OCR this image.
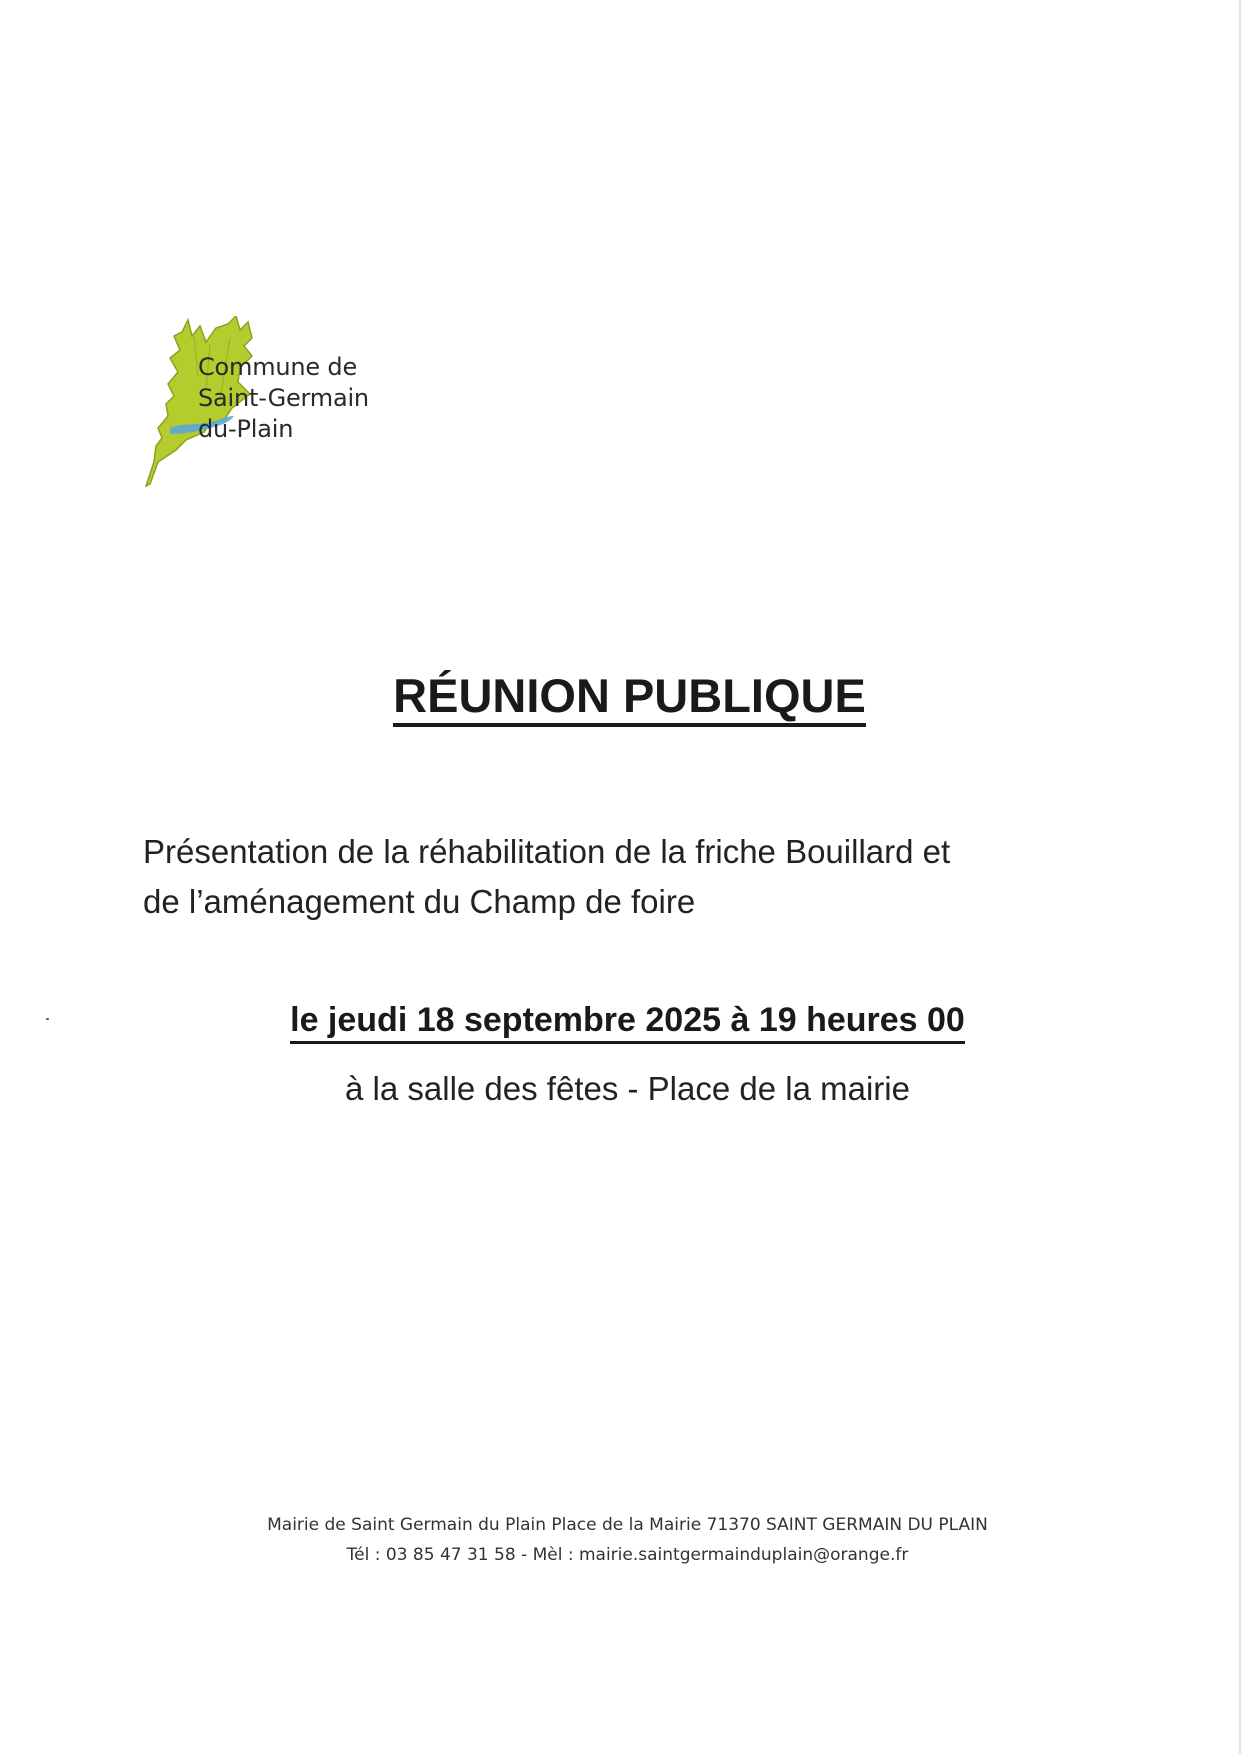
Commune de
Saint-Germain
du-Plain
RÉUNION PUBLIQUE
Présentation de la réhabilitation de la friche Bouillard et
de l’aménagement du Champ de foire
le jeudi 18 septembre 2025 à 19 heures 00
à la salle des fêtes - Place de la mairie
Mairie de Saint Germain du Plain Place de la Mairie 71370 SAINT GERMAIN DU PLAIN
Tél : 03 85 47 31 58 - Mèl : mairie.saintgermainduplain@orange.fr
